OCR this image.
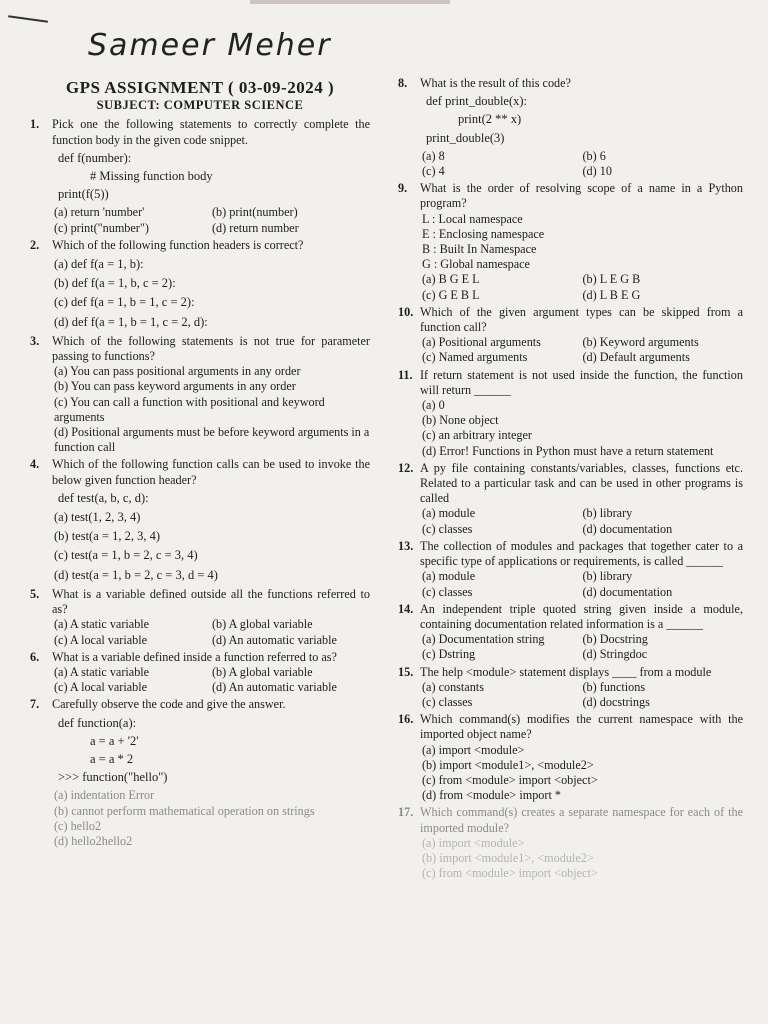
Sameer Meher
GPS ASSIGNMENT ( 03-09-2024 )
SUBJECT: COMPUTER SCIENCE
1.	Pick one the following statements to correctly complete the function body in the given code snippet.
def f(number):
# Missing function body
print(f(5))
(a) return 'number'	(b) print(number)
(c) print("number")	(d) return number
2.	Which of the following function headers is correct?
(a) def f(a = 1, b):
(b) def f(a = 1, b, c = 2):
(c) def f(a = 1, b = 1, c = 2):
(d) def f(a = 1, b = 1, c = 2, d):
3.	Which of the following statements is not true for parameter passing to functions?
(a) You can pass positional arguments in any order
(b) You can pass keyword arguments in any order
(c) You can call a function with positional and keyword arguments
(d) Positional arguments must be before keyword arguments in a function call
4.	Which of the following function calls can be used to invoke the below given function header?
def test(a, b, c, d):
(a) test(1, 2, 3, 4)
(b) test(a = 1, 2, 3, 4)
(c) test(a = 1, b = 2, c = 3, 4)
(d) test(a = 1, b = 2, c = 3, d = 4)
5.	What is a variable defined outside all the functions referred to as?
(a) A static variable	(b) A global variable
(c) A local variable	(d) An automatic variable
6.	What is a variable defined inside a function referred to as?
(a) A static variable	(b) A global variable
(c) A local variable	(d) An automatic variable
7.	Carefully observe the code and give the answer.
def function(a):
a = a + '2'
a = a * 2
>>> function("hello")
(a) indentation Error
(b) cannot perform mathematical operation on strings
(c) hello2
(d) hello2hello2
8.	What is the result of this code?
def print_double(x):
print(2 ** x)
print_double(3)
(a) 8	(b) 6
(c) 4	(d) 10
9.	What is the order of resolving scope of a name in a Python program?
L : Local namespace
E : Enclosing namespace
B : Built In Namespace
G : Global namespace
(a) B G E L	(b) L E G B
(c) G E B L	(d) L B E G
10. Which of the given argument types can be skipped from a function call?
(a) Positional arguments	(b) Keyword arguments
(c) Named arguments	(d) Default arguments
11. If return statement is not used inside the function, the function will return ______
(a) 0
(b) None object
(c) an arbitrary integer
(d) Error! Functions in Python must have a return statement
12. A py file containing constants/variables, classes, functions etc. Related to a particular task and can be used in other programs is called
(a) module	(b) library
(c) classes	(d) documentation
13. The collection of modules and packages that together cater to a specific type of applications or requirements, is called ______
(a) module	(b) library
(c) classes	(d) documentation
14. An independent triple quoted string given inside a module, containing documentation related information is a ______
(a) Documentation string	(b) Docstring
(c) Dstring	(d) Stringdoc
15. The help <module> statement displays ____ from a module
(a) constants	(b) functions
(c) classes	(d) docstrings
16. Which command(s) modifies the current namespace with the imported object name?
(a) import <module>
(b) import <module1>, <module2>
(c) from <module> import <object>
(d) from <module> import *
17. Which command(s) creates a separate namespace for each of the imported module?
(a) import <module>
(b) import <module1>, <module2>
(c) from <module> import <object>
